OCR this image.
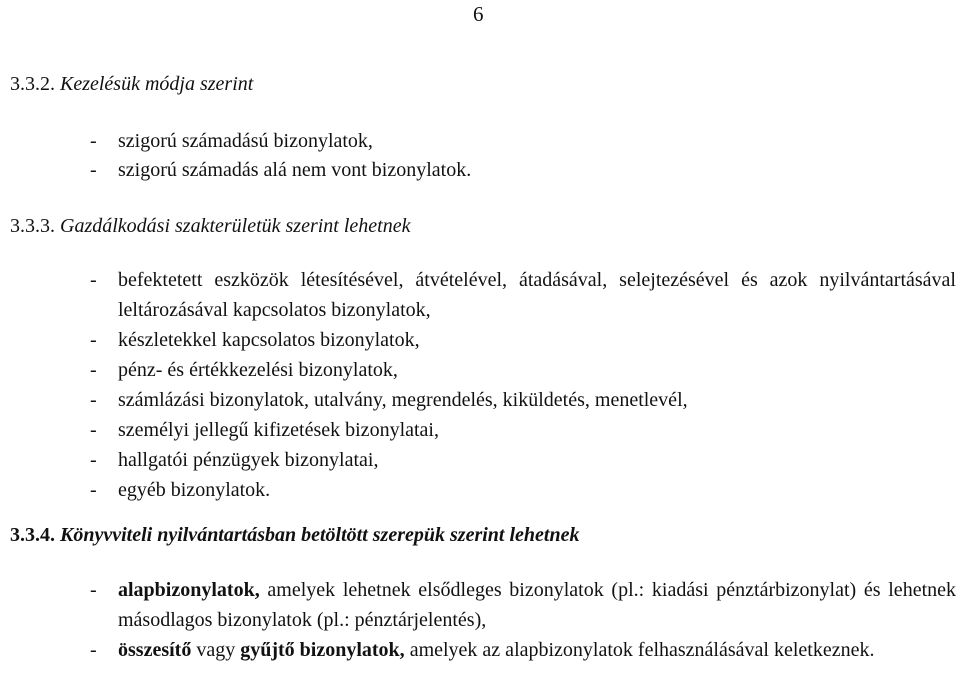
6
3.3.2. Kezelésük módja szerint
- szigorú számadású bizonylatok,
- szigorú számadás alá nem vont bizonylatok.
3.3.3. Gazdálkodási szakterületük szerint lehetnek
- befektetett eszközök létesítésével, átvételével, átadásával, selejtezésével és azok nyilvántartásával leltározásával kapcsolatos bizonylatok,
- készletekkel kapcsolatos bizonylatok,
- pénz- és értékkezelési bizonylatok,
- számlázási bizonylatok, utalvány, megrendelés, kiküldetés, menetlevél,
- személyi jellegű kifizetések bizonylatai,
- hallgatói pénzügyek bizonylatai,
- egyéb bizonylatok.
3.3.4. Könyvviteli nyilvántartásban betöltött szerepük szerint lehetnek
- alapbizonylatok, amelyek lehetnek elsődleges bizonylatok (pl.: kiadási pénztárbizonylat) és lehetnek másodlagos bizonylatok (pl.: pénztárjelentés),
- összesítő vagy gyűjtő bizonylatok, amelyek az alapbizonylatok felhasználásával keletkeznek.
